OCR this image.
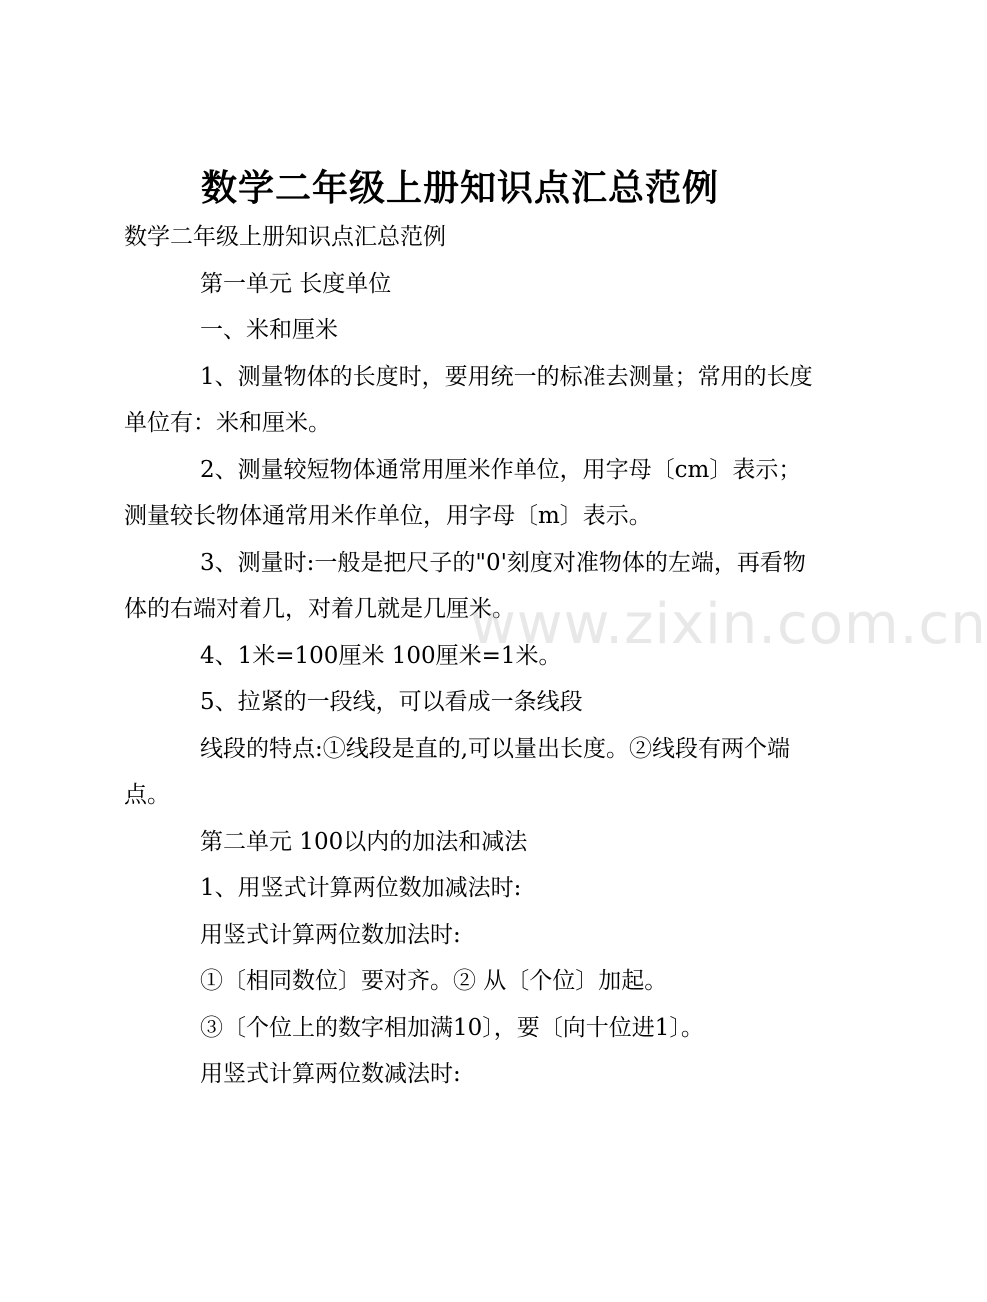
数学二年级上册知识点汇总范例

数学二年级上册知识点汇总范例

第一单元 长度单位

一、米和厘米

1、测量物体的长度时，要用统一的标准去测量；常用的长度单位有：米和厘米。

2、测量较短物体通常用厘米作单位，用字母〔cm〕表示；测量较长物体通常用米作单位，用字母〔m〕表示。

3、测量时:一般是把尺子的"0'刻度对准物体的左端，再看物体的右端对着几，对着几就是几厘米。

4、1米=100厘米 100厘米=1米。

5、拉紧的一段线，可以看成一条线段

线段的特点:①线段是直的,可以量出长度。②线段有两个端点。

第二单元 100以内的加法和减法

1、用竖式计算两位数加减法时:

用竖式计算两位数加法时:

①〔相同数位〕要对齐。② 从〔个位〕加起。

③〔个位上的数字相加满10〕，要〔向十位进1〕。

用竖式计算两位数减法时:

www.zixin.com.cn
